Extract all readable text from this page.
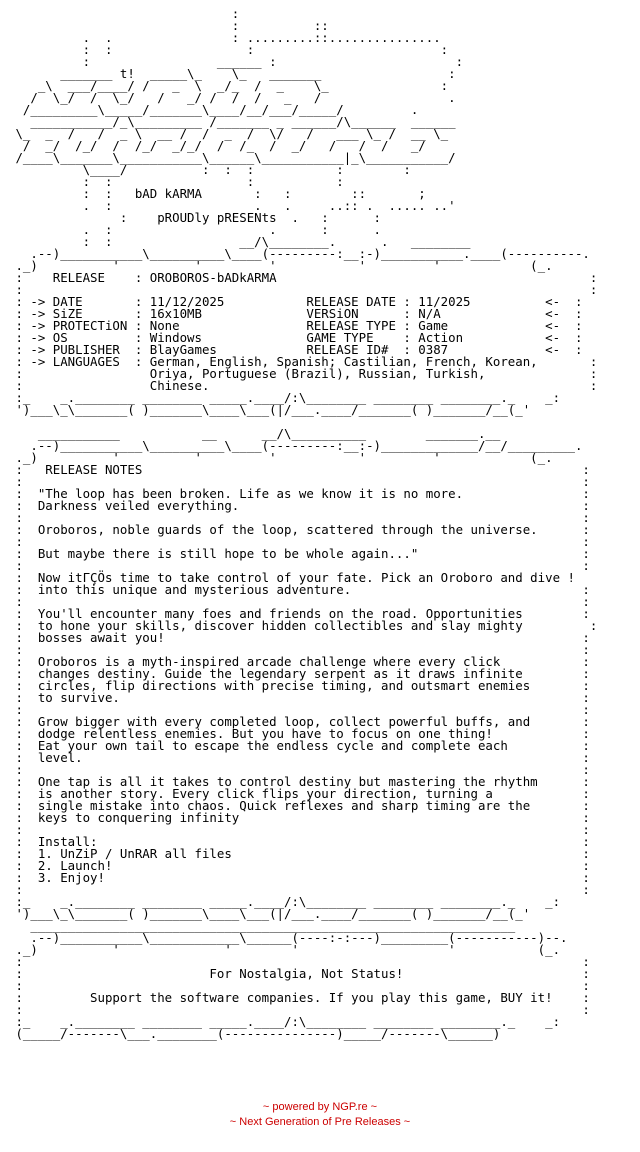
:
:          ::
.  .                : .........::...............
:  :                  :                         :
:                 ______ :                        :
_______ t!  _____\_    \_   _______                 :
_\  ___/____/ /   _  \  _/_  /  _    \_               :
/  \_/  /  \_/   /   _/ /  /  /   _   /                 .
/_________\_____/_______\____/__/___/_____/         .
___________/_\_________ /_______ _ ______/\______  ______
\_  _  /   /  _ \  __ /  /  _  /  \/   /   ___ \_ /  __ \_
/  _/  /_/  /  /_/  _/_/  /  /_  /  _/   /   /  /   _/
/____\_______\___________\______\___________|_\___________/
\____/          :  :  :           :        :
:  :                  :           :
:  :   bAD kARMA       :   :        ::       ;
.  :                   .   .     ..:: .  ..... ..'
:    pROUDly pRESENts  .   :      :
.  :                     .      :      .
:  :                 __/\________.      .   ________
.--)___________\__________\____(---------:__:-)___________.____(----------.
._)          '          '         '           '         '            (_.
:    RELEASE    : OROBOROS-bADkARMA                                          :
:                                                                            :
: -> DATE       : 11/12/2025           RELEASE DATE : 11/2025          <-  :
: -> SiZE       : 16x10MB              VERSiON      : N/A              <-  :
: -> PROTECTiON : None                 RELEASE TYPE : Game             <-  :
: -> OS         : Windows              GAME TYPE    : Action           <-  :
: -> PUBLISHER  : BlayGames            RELEASE ID#  : 0387             <-  :
: -> LANGUAGES  : German, English, Spanish; Castilian, French, Korean,       :
:                 Oriya, Portuguese (Brazil), Russian, Turkish,              :
:                 Chinese.                                                   :
:_    _.________ ________ _____.____/:\________ ________ ________._    _:
')___\_\_______( )_______\____\___(|/___.____/_______( )_______/__(_'

___________           __      __/\__________        _______.__
.--)___________\__________\____(---------:__:-)_____________/__/_________.
._)          '          '         '           '         '            (_.
:   RELEASE NOTES                                                           :
:                                                                           :
:  "The loop has been broken. Life as we know it is no more.                :
:  Darkness veiled everything.                                              :
:                                                                           :
:  Oroboros, noble guards of the loop, scattered through the universe.      :
:                                                                           :
:  But maybe there is still hope to be whole again..."                      :
:                                                                           :
:  Now itΓÇÖs time to take control of your fate. Pick an Oroboro and dive !
:  into this unique and mysterious adventure.                               :
:                                                                           :
:  You'll encounter many foes and friends on the road. Opportunities        :
:  to hone your skills, discover hidden collectibles and slay mighty         :
:  bosses await you!                                                        :
:                                                                           :
:  Oroboros is a myth-inspired arcade challenge where every click           :
:  changes destiny. Guide the legendary serpent as it draws infinite        :
:  circles, flip directions with precise timing, and outsmart enemies       :
:  to survive.                                                              :
:                                                                           :
:  Grow bigger with every completed loop, collect powerful buffs, and       :
:  dodge relentless enemies. But you have to focus on one thing!            :
:  Eat your own tail to escape the endless cycle and complete each          :
:  level.                                                                   :
:                                                                           :
:  One tap is all it takes to control destiny but mastering the rhythm      :
:  is another story. Every click flips your direction, turning a            :
:  single mistake into chaos. Quick reflexes and sharp timing are the       :
:  keys to conquering infinity                                              :
:                                                                           :
:  Install:                                                                 :
:  1. UnZiP / UnRAR all files                                               :
:  2. Launch!                                                               :
:  3. Enjoy!                                                                :
:                                                                           :
:_    _.________ ________ _____.____/:\________ ________ ________._    _:
')___\_\_______( )_______\____\___(|/___.____/_______( )_______/__(_'
_________________________________________________________________
.--)___________\____________\______(----:-:---)_________(-----------)--.
._)          '              '        '                    '           (_.
:                                                                           :
:                         For Nostalgia, Not Status!                        :
:                                                                           :
:         Support the software companies. If you play this game, BUY it!    :
:                                                                           :
:_    _.________ ________ _____.____/:\________ ________ ________._    _:
(_____/-------\___.________(---------------)_____/-------\______)

~ powered by NGP.re ~
~ Next Generation of Pre Releases ~
